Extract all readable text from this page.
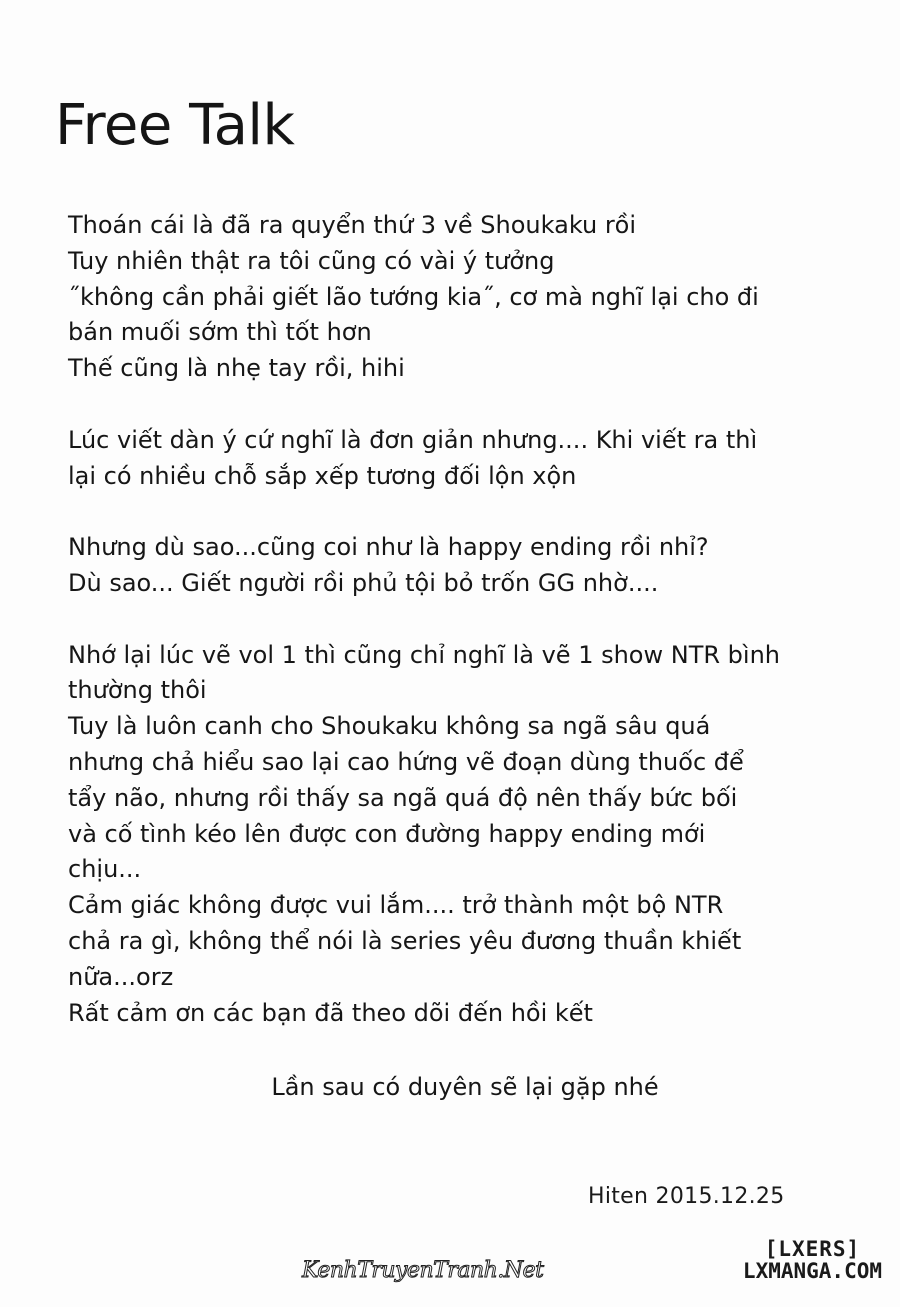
Free Talk

Thoán cái là đã ra quyển thứ 3 về Shoukaku rồi
Tuy nhiên thật ra tôi cũng có vài ý tưởng
˝không cần phải giết lão tướng kia˝, cơ mà nghĩ lại cho đi
bán muối sớm thì tốt hơn
Thế cũng là nhẹ tay rồi, hihi

Lúc viết dàn ý cứ nghĩ là đơn giản nhưng.... Khi viết ra thì
lại có nhiều chỗ sắp xếp tương đối lộn xộn

Nhưng dù sao...cũng coi như là happy ending rồi nhỉ?
Dù sao... Giết người rồi phủ tội bỏ trốn GG nhờ....

Nhớ lại lúc vẽ vol 1 thì cũng chỉ nghĩ là vẽ 1 show NTR bình
thường thôi
Tuy là luôn canh cho Shoukaku không sa ngã sâu quá
nhưng chả hiểu sao lại cao hứng vẽ đoạn dùng thuốc để
tẩy não, nhưng rồi thấy sa ngã quá độ nên thấy bức bối
và cố tình kéo lên được con đường happy ending mới
chịu...
Cảm giác không được vui lắm.... trở thành một bộ NTR
chả ra gì, không thể nói là series yêu đương thuần khiết
nữa...orz
Rất cảm ơn các bạn đã theo dõi đến hồi kết

Lần sau có duyên sẽ lại gặp nhé
Hiten 2015.12.25
KenhTruyenTranh.Net
[LXERS]
LXMANGA.COM
